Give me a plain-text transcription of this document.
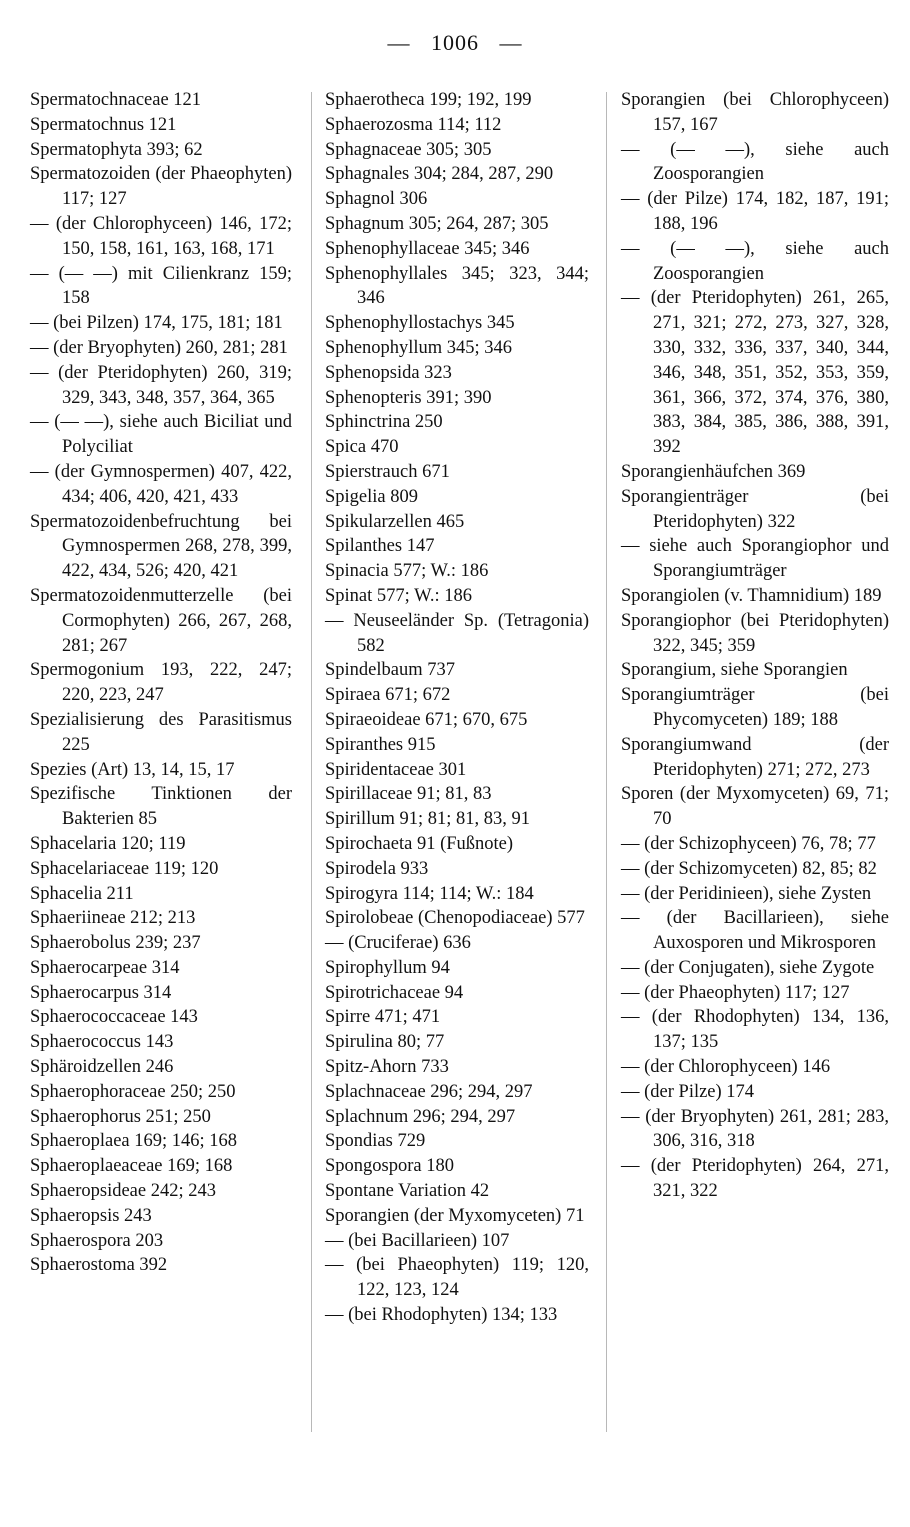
— 1006 —

Spermatochnaceae 121

Spermatochnus 121

Spermatophyta 393; 62

Spermatozoiden (der Phaeophyten) 117; 127

— (der Chlorophyceen) 146, 172; 150, 158, 161, 163, 168, 171

— (— —) mit Cilienkranz 159; 158

— (bei Pilzen) 174, 175, 181; 181

— (der Bryophyten) 260, 281; 281

— (der Pteridophyten) 260, 319; 329, 343, 348, 357, 364, 365

— (— —), siehe auch Biciliat und Polyciliat

— (der Gymnospermen) 407, 422, 434; 406, 420, 421, 433

Spermatozoidenbefruchtung bei Gymnospermen 268, 278, 399, 422, 434, 526; 420, 421

Spermatozoidenmutterzelle (bei Cormophyten) 266, 267, 268, 281; 267

Spermogonium 193, 222, 247; 220, 223, 247

Spezialisierung des Parasitismus 225

Spezies (Art) 13, 14, 15, 17

Spezifische Tinktionen der Bakterien 85

Sphacelaria 120; 119

Sphacelariaceae 119; 120

Sphacelia 211

Sphaeriineae 212; 213

Sphaerobolus 239; 237

Sphaerocarpeae 314

Sphaerocarpus 314

Sphaerococcaceae 143

Sphaerococcus 143

Sphäroidzellen 246

Sphaerophoraceae 250; 250

Sphaerophorus 251; 250

Sphaeroplaea 169; 146; 168

Sphaeroplaeaceae 169; 168

Sphaeropsideae 242; 243

Sphaeropsis 243

Sphaerospora 203

Sphaerostoma 392

Sphaerotheca 199; 192, 199

Sphaerozosma 114; 112

Sphagnaceae 305; 305

Sphagnales 304; 284, 287, 290

Sphagnol 306

Sphagnum 305; 264, 287; 305

Sphenophyllaceae 345; 346

Sphenophyllales 345; 323, 344; 346

Sphenophyllostachys 345

Sphenophyllum 345; 346

Sphenopsida 323

Sphenopteris 391; 390

Sphinctrina 250

Spica 470

Spierstrauch 671

Spigelia 809

Spikularzellen 465

Spilanthes 147

Spinacia 577; W.: 186

Spinat 577; W.: 186

— Neuseeländer Sp. (Tetragonia) 582

Spindelbaum 737

Spiraea 671; 672

Spiraeoideae 671; 670, 675

Spiranthes 915

Spiridentaceae 301

Spirillaceae 91; 81, 83

Spirillum 91; 81; 81, 83, 91

Spirochaeta 91 (Fußnote)

Spirodela 933

Spirogyra 114; 114; W.: 184

Spirolobeae (Chenopodiaceae) 577

— (Cruciferae) 636

Spirophyllum 94

Spirotrichaceae 94

Spirre 471; 471

Spirulina 80; 77

Spitz-Ahorn 733

Splachnaceae 296; 294, 297

Splachnum 296; 294, 297

Spondias 729

Spongospora 180

Spontane Variation 42

Sporangien (der Myxomyceten) 71

— (bei Bacillarieen) 107

— (bei Phaeophyten) 119; 120, 122, 123, 124

— (bei Rhodophyten) 134; 133

Sporangien (bei Chlorophyceen) 157, 167

— (— —), siehe auch Zoosporangien

— (der Pilze) 174, 182, 187, 191; 188, 196

— (— —), siehe auch Zoosporangien

— (der Pteridophyten) 261, 265, 271, 321; 272, 273, 327, 328, 330, 332, 336, 337, 340, 344, 346, 348, 351, 352, 353, 359, 361, 366, 372, 374, 376, 380, 383, 384, 385, 386, 388, 391, 392

Sporangienhäufchen 369

Sporangienträger (bei Pteridophyten) 322

— siehe auch Sporangiophor und Sporangiumträger

Sporangiolen (v. Thamnidium) 189

Sporangiophor (bei Pteridophyten) 322, 345; 359

Sporangium, siehe Sporangien

Sporangiumträger (bei Phycomyceten) 189; 188

Sporangiumwand (der Pteridophyten) 271; 272, 273

Sporen (der Myxomyceten) 69, 71; 70

— (der Schizophyceen) 76, 78; 77

— (der Schizomyceten) 82, 85; 82

— (der Peridinieen), siehe Zysten

— (der Bacillarieen), siehe Auxosporen und Mikrosporen

— (der Conjugaten), siehe Zygote

— (der Phaeophyten) 117; 127

— (der Rhodophyten) 134, 136, 137; 135

— (der Chlorophyceen) 146

— (der Pilze) 174

— (der Bryophyten) 261, 281; 283, 306, 316, 318

— (der Pteridophyten) 264, 271, 321, 322
